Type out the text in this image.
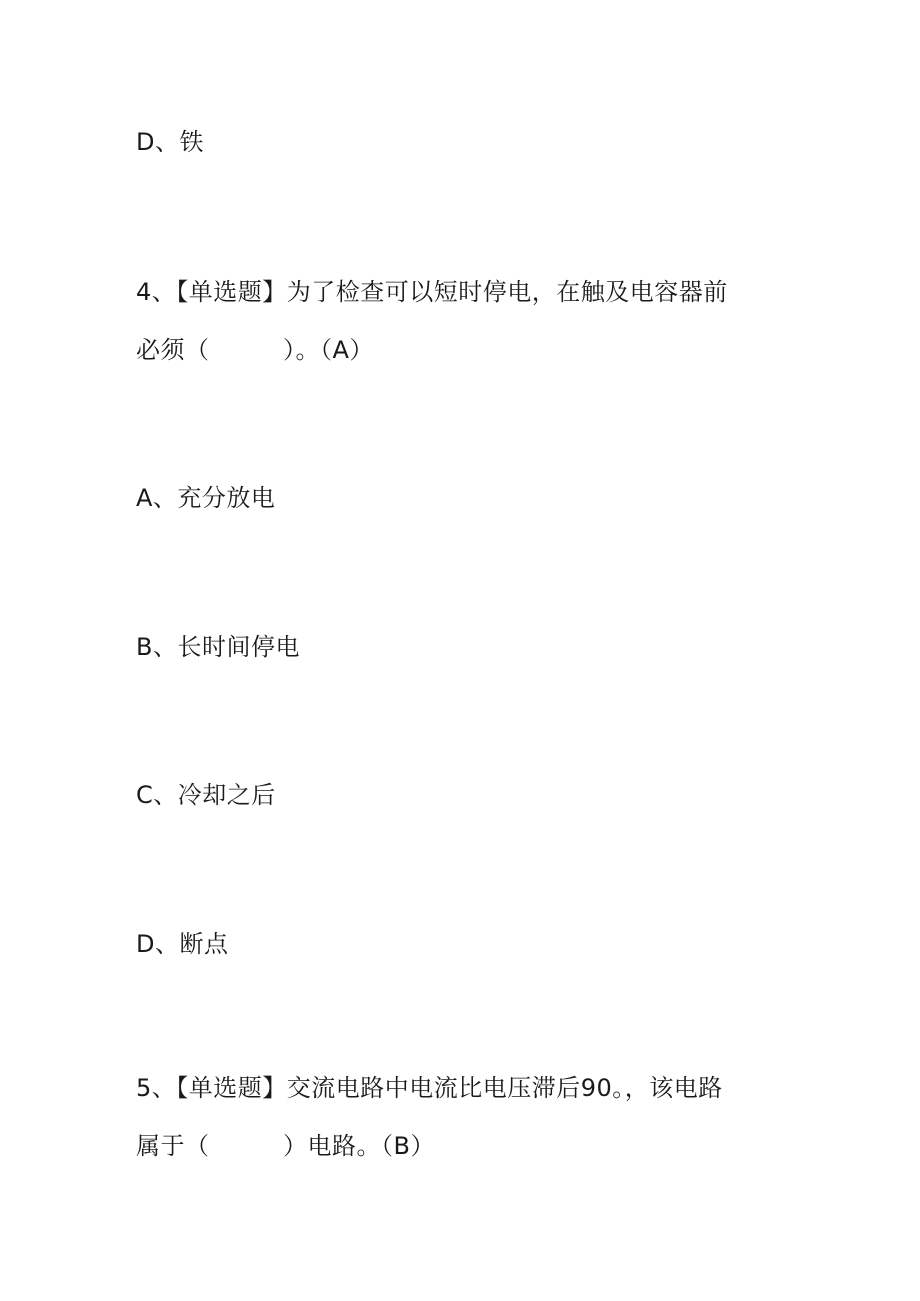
D、铁
4、【单选题】为了检查可以短时停电，在触及电容器前
必须（　　　）。（A）
A、充分放电
B、长时间停电
C、冷却之后
D、断点
5、【单选题】交流电路中电流比电压滞后90。，该电路
属于（　　　）电路。（B）
